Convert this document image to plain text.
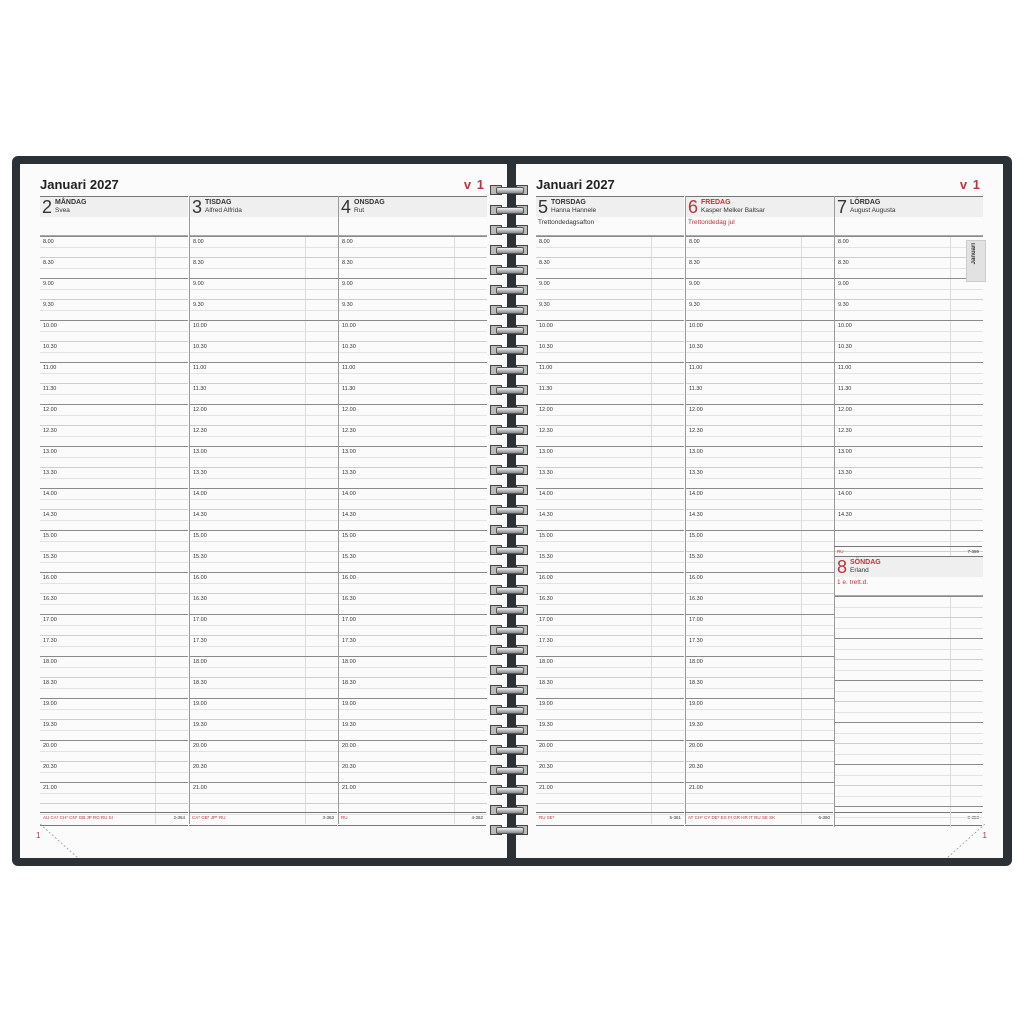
Januari 2027	v 1
2 MÅNDAG
Svea
8.00
8.30
9.00
9.30
10.00
10.30
11.00
11.30
12.00
12.30
13.00
13.30
14.00
14.30
15.00
15.30
16.00
16.30
17.00
17.30
18.00
18.30
19.00
19.30
20.00
20.30
21.00
AU CA* CH* CN* GB JP RO RU SI	2-364
3 TISDAG
Alfred Alfrida
8.00
8.30
9.00
9.30
10.00
10.30
11.00
11.30
12.00
12.30
13.00
13.30
14.00
14.30
15.00
15.30
16.00
16.30
17.00
17.30
18.00
18.30
19.00
19.30
20.00
20.30
21.00
CA* GB* JP* RU	3-363
4 ONSDAG
Rut
8.00
8.30
9.00
9.30
10.00
10.30
11.00
11.30
12.00
12.30
13.00
13.30
14.00
14.30
15.00
15.30
16.00
16.30
17.00
17.30
18.00
18.30
19.00
19.30
20.00
20.30
21.00
RU	4-362
1
Januari 2027	v 1
5 TORSDAG
Hanna Hannele
Trettondedagsafton
8.00
8.30
9.00
9.30
10.00
10.30
11.00
11.30
12.00
12.30
13.00
13.30
14.00
14.30
15.00
15.30
16.00
16.30
17.00
17.30
18.00
18.30
19.00
19.30
20.00
20.30
21.00
RU SE*	5-361
6 FREDAG
Kasper Melker Baltsar
Trettondedag jul
8.00
8.30
9.00
9.30
10.00
10.30
11.00
11.30
12.00
12.30
13.00
13.30
14.00
14.30
15.00
15.30
16.00
16.30
17.00
17.30
18.00
18.30
19.00
19.30
20.00
20.30
21.00
AT CH* CY DE* ES FI GR HR IT RU SE SK	6-360
7 LÖRDAG
August Augusta
8.00
8.30
9.00
9.30
10.00
10.30
11.00
11.30
12.00
12.30
13.00
13.30
14.00
14.30
8-358
RU	7-359
8 SÖNDAG
Erland
1 e. trett.d.
1
Januari
